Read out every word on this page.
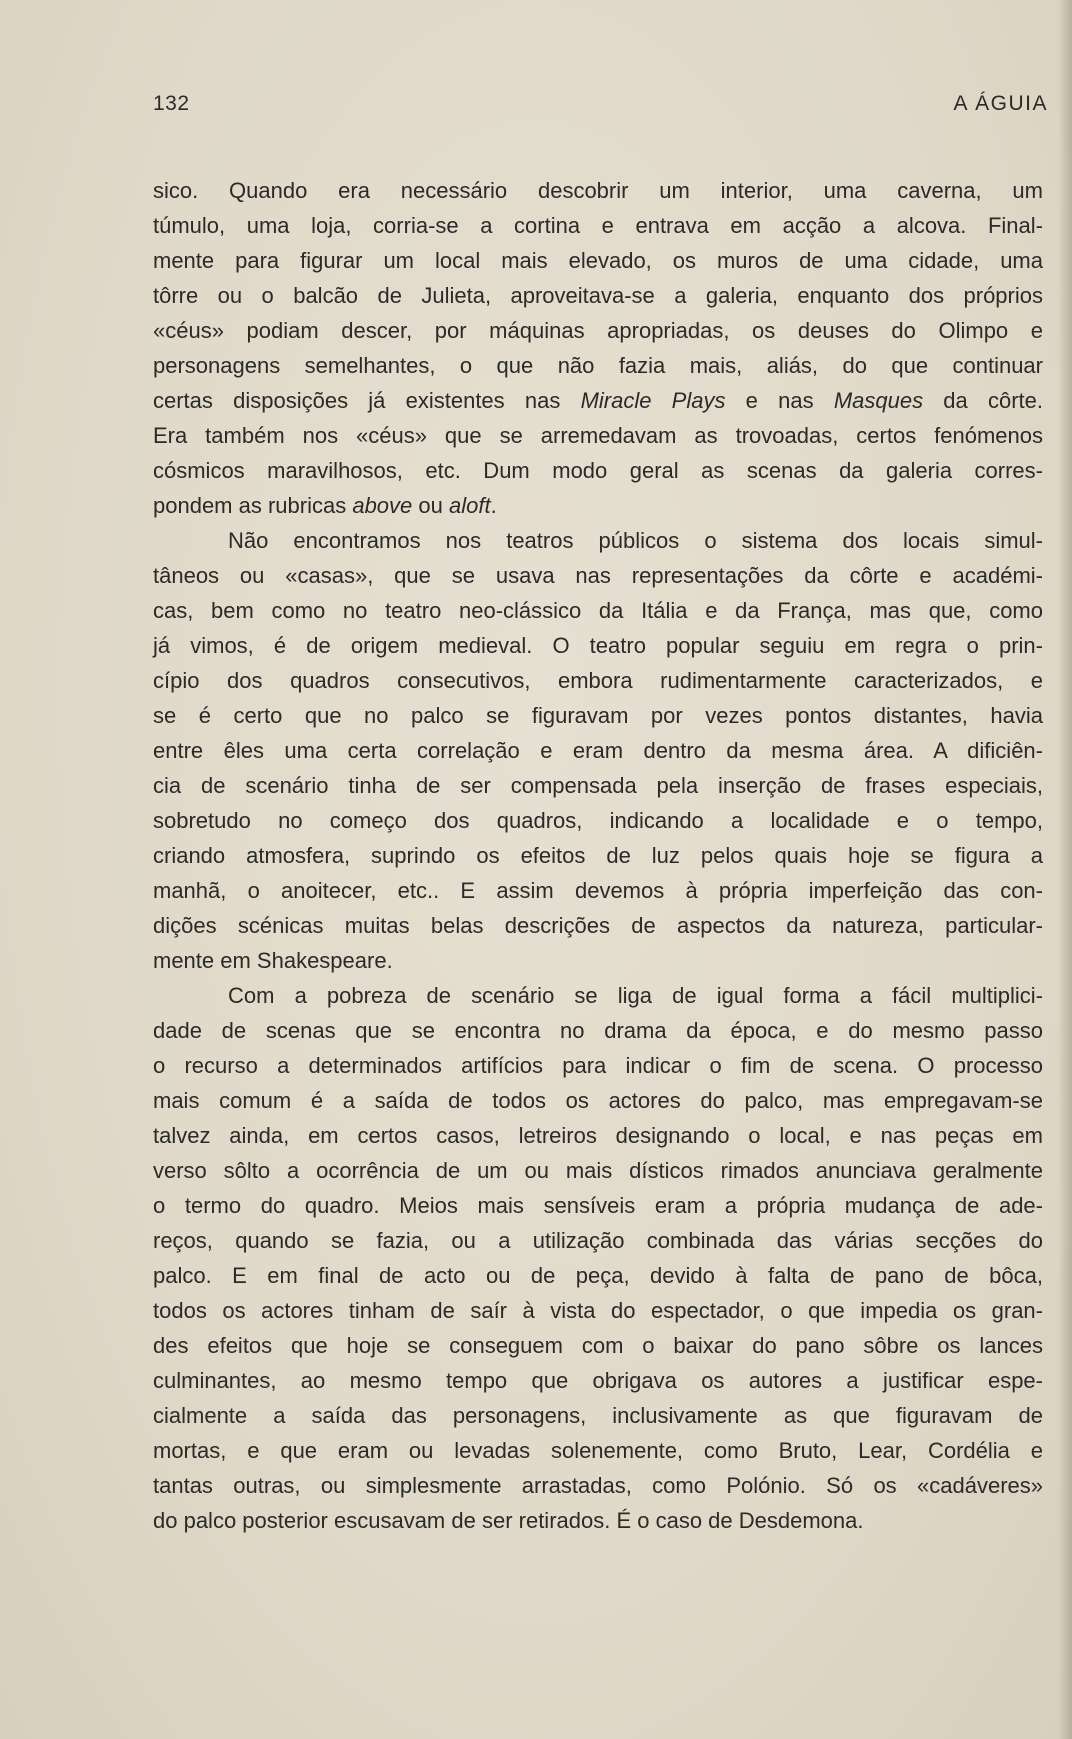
132	A ÁGUIA
sico. Quando era necessário descobrir um interior, uma caverna, um
túmulo, uma loja, corria-se a cortina e entrava em acção a alcova. Final-
mente para figurar um local mais elevado, os muros de uma cidade, uma
tôrre ou o balcão de Julieta, aproveitava-se a galeria, enquanto dos próprios
«céus» podiam descer, por máquinas apropriadas, os deuses do Olimpo e
personagens semelhantes, o que não fazia mais, aliás, do que continuar
certas disposições já existentes nas Miracle Plays e nas Masques da côrte.
Era também nos «céus» que se arremedavam as trovoadas, certos fenómenos
cósmicos maravilhosos, etc. Dum modo geral as scenas da galeria corres-
pondem as rubricas above ou aloft.
Não encontramos nos teatros públicos o sistema dos locais simul-
tâneos ou «casas», que se usava nas representações da côrte e académi-
cas, bem como no teatro neo-clássico da Itália e da França, mas que, como
já vimos, é de origem medieval. O teatro popular seguiu em regra o prin-
cípio dos quadros consecutivos, embora rudimentarmente caracterizados, e
se é certo que no palco se figuravam por vezes pontos distantes, havia
entre êles uma certa correlação e eram dentro da mesma área. A dificiên-
cia de scenário tinha de ser compensada pela inserção de frases especiais,
sobretudo no começo dos quadros, indicando a localidade e o tempo,
criando atmosfera, suprindo os efeitos de luz pelos quais hoje se figura a
manhã, o anoitecer, etc.. E assim devemos à própria imperfeição das con-
dições scénicas muitas belas descrições de aspectos da natureza, particular-
mente em Shakespeare.
Com a pobreza de scenário se liga de igual forma a fácil multiplici-
dade de scenas que se encontra no drama da época, e do mesmo passo
o recurso a determinados artifícios para indicar o fim de scena. O processo
mais comum é a saída de todos os actores do palco, mas empregavam-se
talvez ainda, em certos casos, letreiros designando o local, e nas peças em
verso sôlto a ocorrência de um ou mais dísticos rimados anunciava geralmente
o termo do quadro. Meios mais sensíveis eram a própria mudança de ade-
reços, quando se fazia, ou a utilização combinada das várias secções do
palco. E em final de acto ou de peça, devido à falta de pano de bôca,
todos os actores tinham de saír à vista do espectador, o que impedia os gran-
des efeitos que hoje se conseguem com o baixar do pano sôbre os lances
culminantes, ao mesmo tempo que obrigava os autores a justificar espe-
cialmente a saída das personagens, inclusivamente as que figuravam de
mortas, e que eram ou levadas solenemente, como Bruto, Lear, Cordélia e
tantas outras, ou simplesmente arrastadas, como Polónio. Só os «cadáveres»
do palco posterior escusavam de ser retirados. É o caso de Desdemona.
